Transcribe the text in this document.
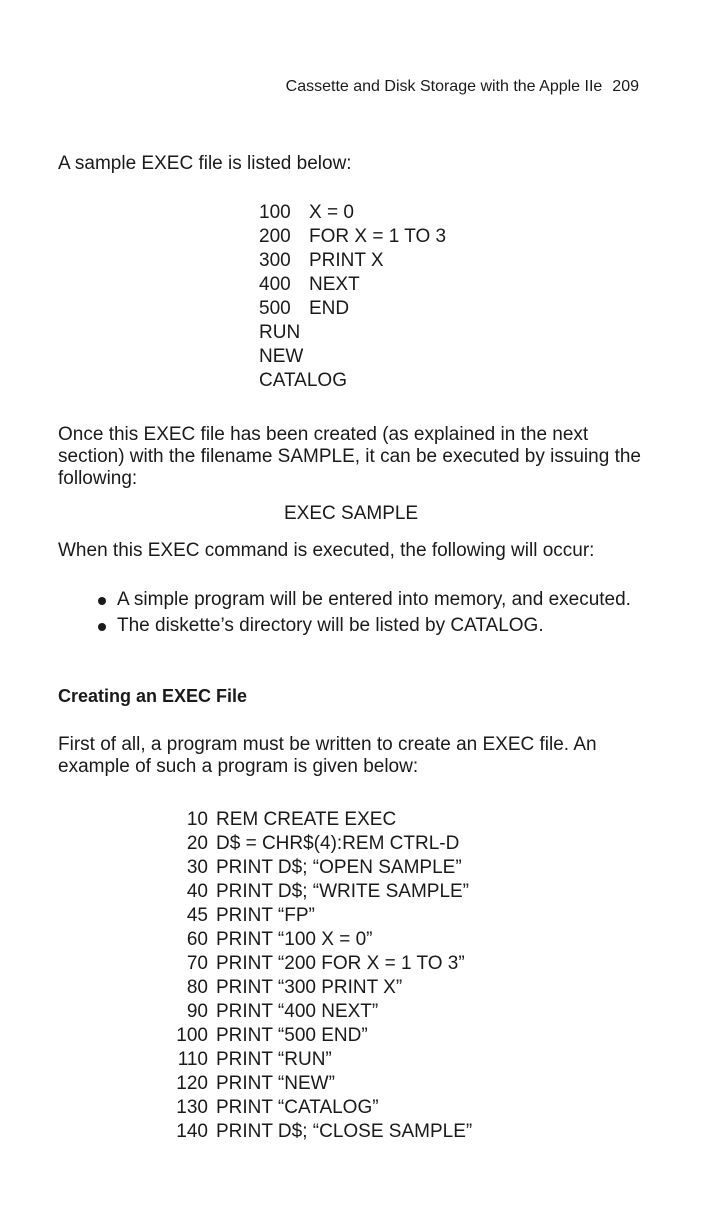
Cassette and Disk Storage with the Apple IIe 209

A sample EXEC file is listed below:

100 X = 0
200 FOR X = 1 TO 3
300 PRINT X
400 NEXT
500 END
RUN
NEW
CATALOG

Once this EXEC file has been created (as explained in the next section) with the filename SAMPLE, it can be executed by issuing the following:

EXEC SAMPLE

When this EXEC command is executed, the following will occur:

A simple program will be entered into memory, and executed.
The diskette’s directory will be listed by CATALOG.
Creating an EXEC File

First of all, a program must be written to create an EXEC file. An example of such a program is given below:

10 REM CREATE EXEC
20 D$ = CHR$(4):REM CTRL-D
30 PRINT D$; “OPEN SAMPLE”
40 PRINT D$; “WRITE SAMPLE”
45 PRINT “FP”
60 PRINT “100 X = 0”
70 PRINT “200 FOR X = 1 TO 3”
80 PRINT “300 PRINT X”
90 PRINT “400 NEXT”
100 PRINT “500 END”
110 PRINT “RUN”
120 PRINT “NEW”
130 PRINT “CATALOG”
140 PRINT D$; “CLOSE SAMPLE”
